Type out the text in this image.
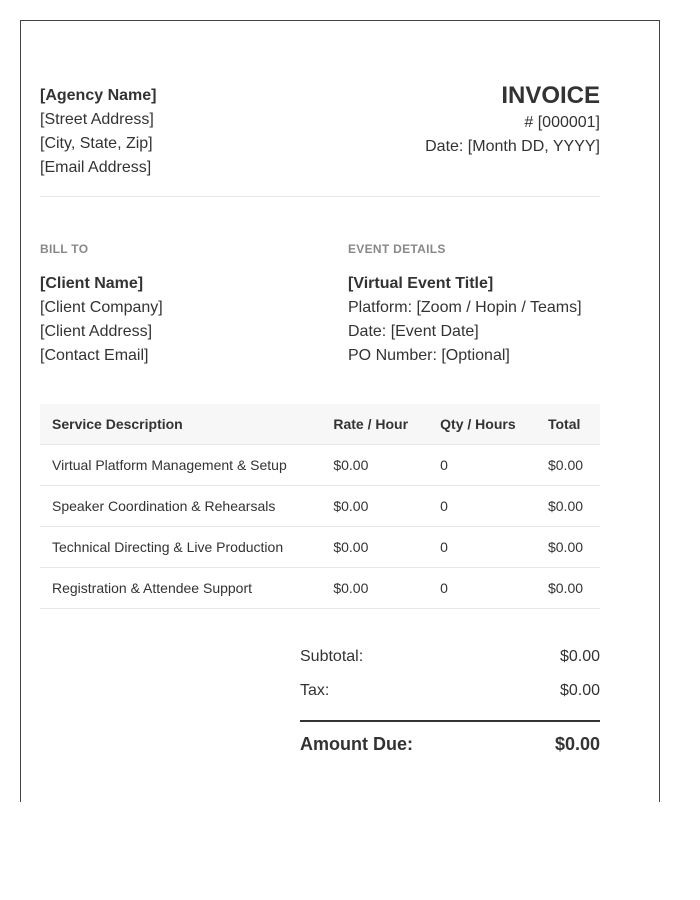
[Agency Name]
[Street Address]
[City, State, Zip]
[Email Address]
INVOICE
# [000001]
Date: [Month DD, YYYY]
BILL TO
[Client Name]
[Client Company]
[Client Address]
[Contact Email]
EVENT DETAILS
[Virtual Event Title]
Platform: [Zoom / Hopin / Teams]
Date: [Event Date]
PO Number: [Optional]
Service Description	Rate / Hour	Qty / Hours	Total
Virtual Platform Management & Setup	$0.00	0	$0.00
Speaker Coordination & Rehearsals	$0.00	0	$0.00
Technical Directing & Live Production	$0.00	0	$0.00
Registration & Attendee Support	$0.00	0	$0.00
Subtotal:	$0.00
Tax:	$0.00
Amount Due:	$0.00
